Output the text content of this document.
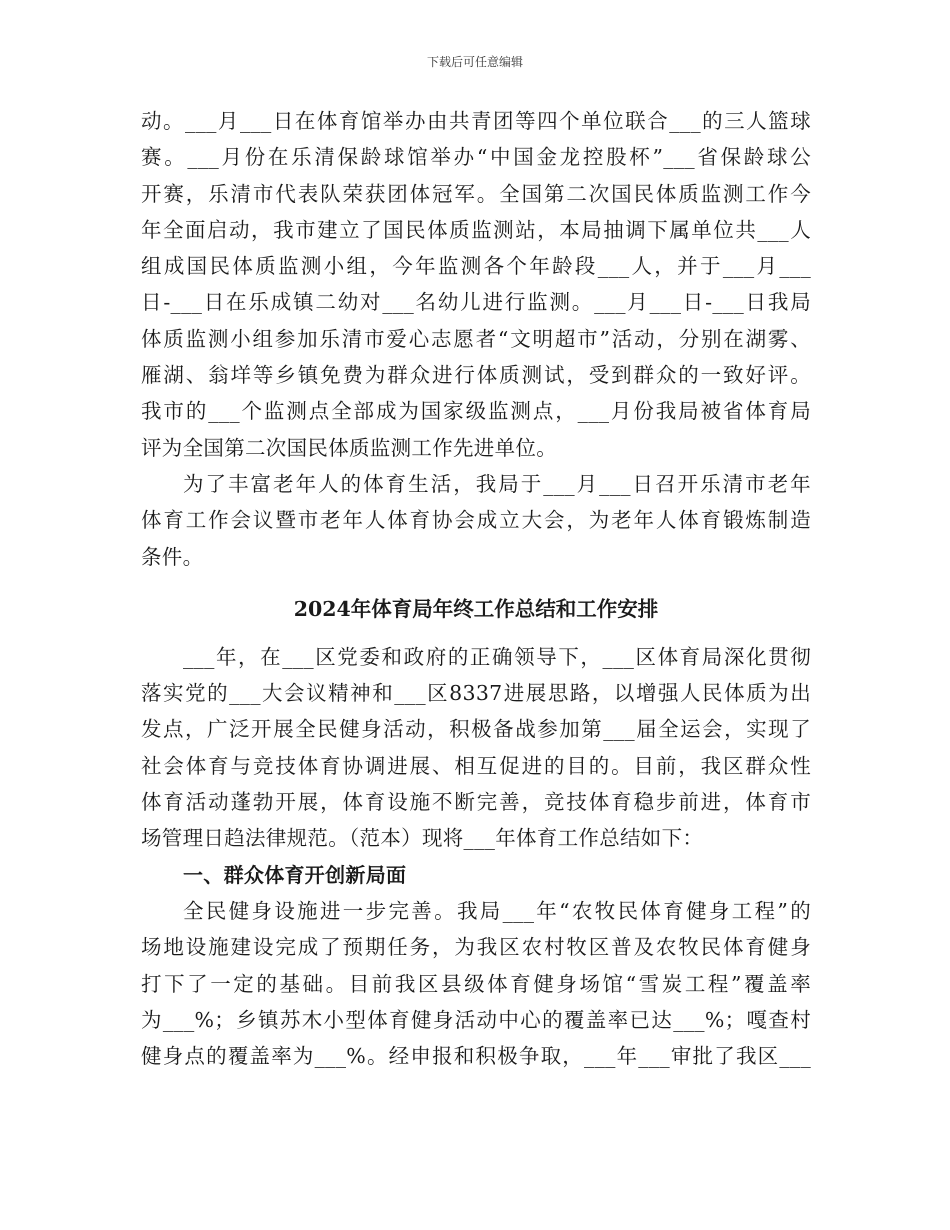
下载后可任意编辑
动。___月___日在体育馆举办由共青团等四个单位联合___的三人篮球
赛。___月份在乐清保龄球馆举办“中国金龙控股杯”___省保龄球公
开赛，乐清市代表队荣获团体冠军。全国第二次国民体质监测工作今
年全面启动，我市建立了国民体质监测站，本局抽调下属单位共___人
组成国民体质监测小组，今年监测各个年龄段___人，并于___月___
日-___日在乐成镇二幼对___名幼儿进行监测。___月___日-___日我局
体质监测小组参加乐清市爱心志愿者“文明超市”活动，分别在湖雾、
雁湖、翁垟等乡镇免费为群众进行体质测试，受到群众的一致好评。
我市的___个监测点全部成为国家级监测点，___月份我局被省体育局
评为全国第二次国民体质监测工作先进单位。
为了丰富老年人的体育生活，我局于___月___日召开乐清市老年
体育工作会议暨市老年人体育协会成立大会，为老年人体育锻炼制造
条件。
2024年体育局年终工作总结和工作安排
___年，在___区党委和政府的正确领导下，___区体育局深化贯彻
落实党的___大会议精神和___区8337进展思路，以增强人民体质为出
发点，广泛开展全民健身活动，积极备战参加第___届全运会，实现了
社会体育与竞技体育协调进展、相互促进的目的。目前，我区群众性
体育活动蓬勃开展，体育设施不断完善，竞技体育稳步前进，体育市
场管理日趋法律规范。（范本）现将___年体育工作总结如下：
一、群众体育开创新局面
全民健身设施进一步完善。我局___年“农牧民体育健身工程”的
场地设施建设完成了预期任务，为我区农村牧区普及农牧民体育健身
打下了一定的基础。目前我区县级体育健身场馆“雪炭工程”覆盖率
为___%；乡镇苏木小型体育健身活动中心的覆盖率已达___%；嘎查村
健身点的覆盖率为___%。经申报和积极争取，___年___审批了我区___
